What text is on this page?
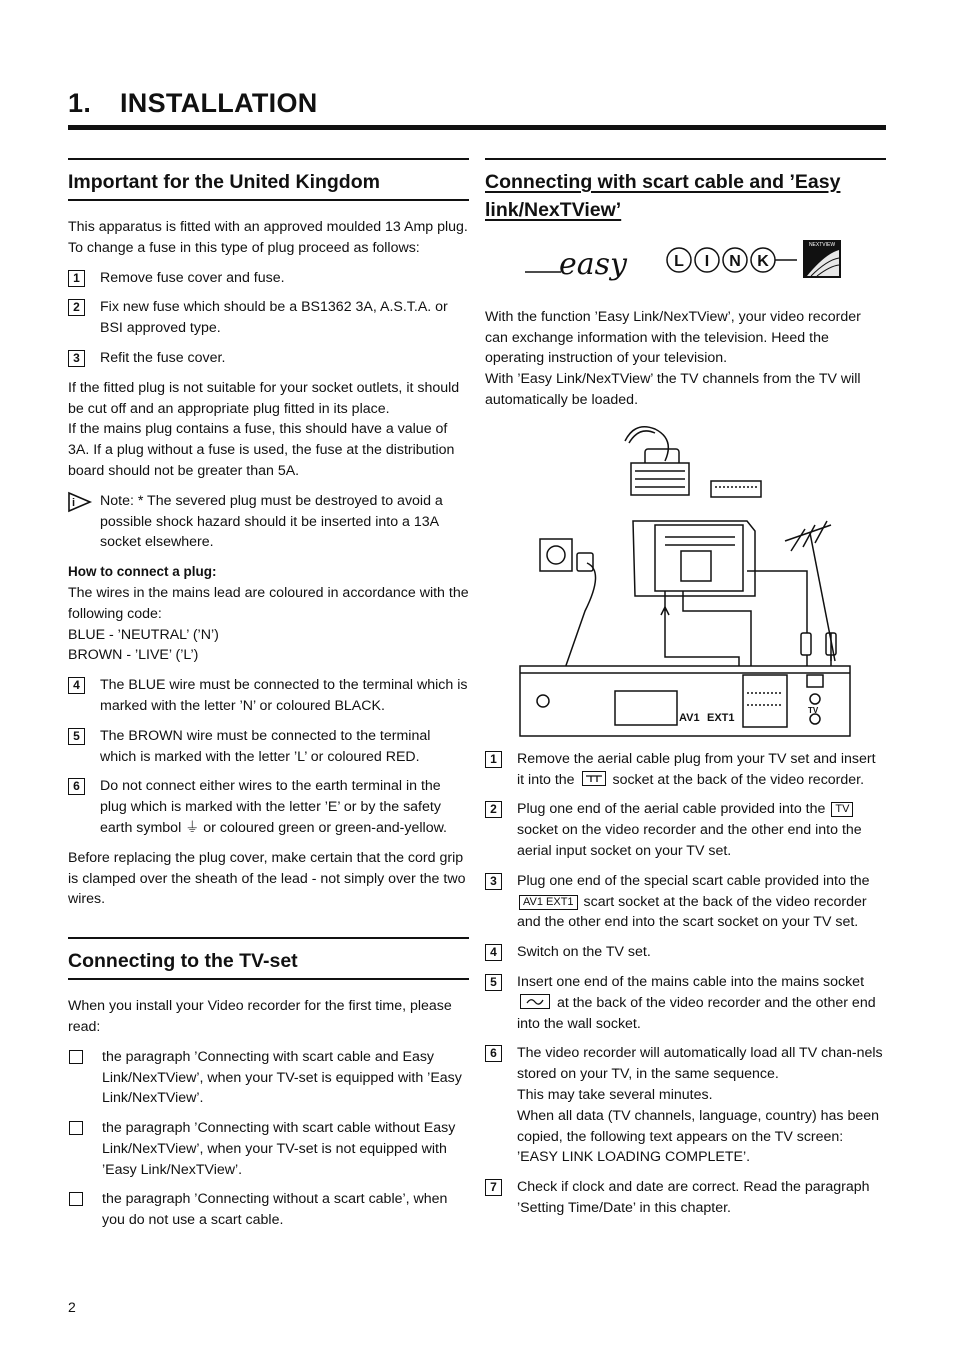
1. INSTALLATION
Important for the United Kingdom

This apparatus is fitted with an approved moulded 13 Amp plug. To change a fuse in this type of plug proceed as follows:

1	Remove fuse cover and fuse.
2	Fix new fuse which should be a BS1362 3A, A.S.T.A. or BSI approved type.
3	Refit the fuse cover.

If the fitted plug is not suitable for your socket outlets, it should be cut off and an appropriate plug fitted in its place.

If the mains plug contains a fuse, this should have a value of 3A. If a plug without a fuse is used, the fuse at the distribution board should not be greater than 5A.

i Note: * The severed plug must be destroyed to avoid a possible shock hazard should it be inserted into a 13A socket elsewhere.

How to connect a plug:

The wires in the mains lead are coloured in accordance with the following code:

BLUE - ’NEUTRAL’ (’N’)

BROWN - ’LIVE’ (’L’)

4	The BLUE wire must be connected to the terminal which is marked with the letter ’N’ or coloured BLACK.
5	The BROWN wire must be connected to the terminal which is marked with the letter ’L’ or coloured RED.
6	Do not connect either wires to the earth terminal in the plug which is marked with the letter ’E’ or by the safety earth symbol ⏚ or coloured green or green-and-yellow.

Before replacing the plug cover, make certain that the cord grip is clamped over the sheath of the lead - not simply over the two wires.

Connecting to the TV-set

When you install your Video recorder for the first time, please read:

the paragraph ’Connecting with scart cable and Easy Link/NexTView’, when your TV-set is equipped with ’Easy Link/NexTView’.
the paragraph ’Connecting with scart cable without Easy Link/NexTView’, when your TV-set is not equipped with ’Easy Link/NexTView’.
the paragraph ’Connecting without a scart cable’, when you do not use a scart cable.
Connecting with scart cable and ’Easy link/NexTView’
easy	L I N K
NEXTVIEW

With the function ’Easy Link/NexTView’, your video recorder can exchange information with the television. Heed the operating instruction of your television.

With ’Easy Link/NexTView’ the TV channels from the TV will automatically be loaded.

AV1 EXT1
TV
1	Remove the aerial cable plug from your TV set and insert it into the	socket at the back of the video recorder.
2	Plug one end of the aerial cable provided into the TV socket on the video recorder and the other end into the aerial input socket on your TV set.
3	Plug one end of the special scart cable provided into the AV1 EXT1 scart socket at the back of the video recorder and the other end into the scart socket on your TV set.
4	Switch on the TV set.
5	Insert one end of the mains cable into the mains socket  at the back of the video recorder and the other end into the wall socket.
6	The video recorder will automatically load all TV chan-nels stored on your TV, in the same sequence.
This may take several minutes.
When all data (TV channels, language, country) has been copied, the following text appears on the TV screen:
’EASY LINK LOADING COMPLETE’.
7	Check if clock and date are correct. Read the paragraph ’Setting Time/Date’ in this chapter.
2
